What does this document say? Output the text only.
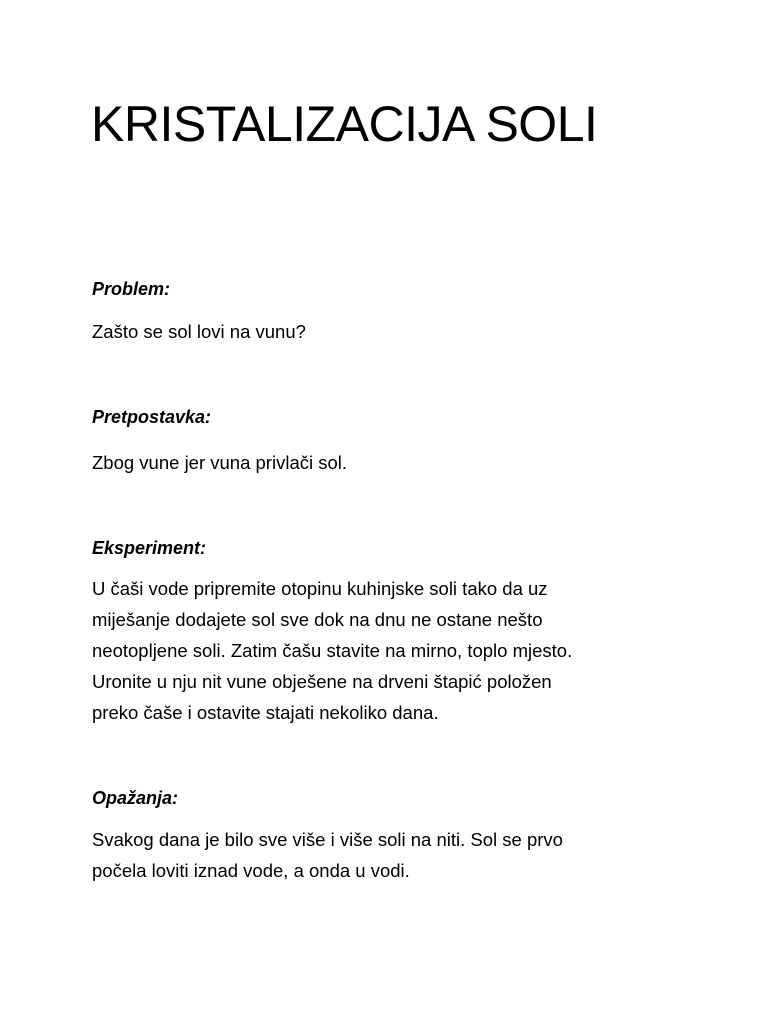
KRISTALIZACIJA SOLI
Problem:

Zašto se sol lovi na vunu?

Pretpostavka:

Zbog vune jer vuna privlači sol.

Eksperiment:

U čaši vode pripremite otopinu kuhinjske soli tako da uz
miješanje dodajete sol sve dok na dnu ne ostane nešto
neotopljene soli. Zatim čašu stavite na mirno, toplo mjesto.
Uronite u nju nit vune obješene na drveni štapić položen
preko čaše i ostavite stajati nekoliko dana.

Opažanja:

Svakog dana je bilo sve više i više soli na niti. Sol se prvo
počela loviti iznad vode, a onda u vodi.
